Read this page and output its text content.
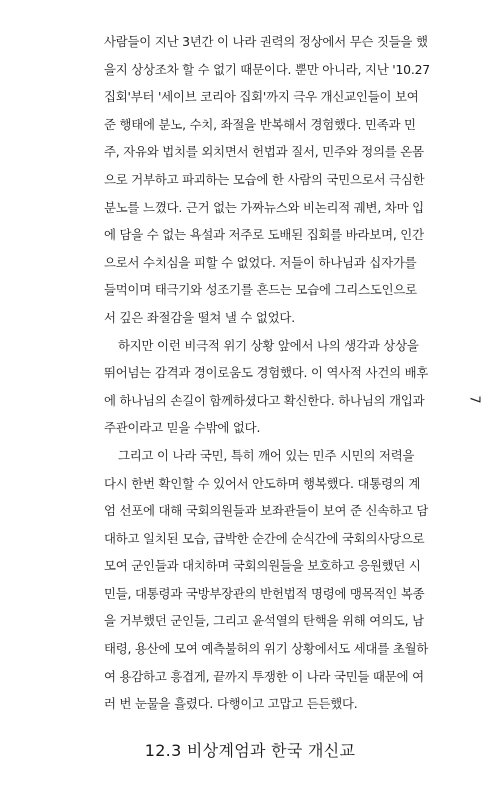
사람들이 지난 3년간 이 나라 권력의 정상에서 무슨 짓들을 했
을지 상상조차 할 수 없기 때문이다. 뿐만 아니라, 지난 '10.27
집회'부터 '세이브 코리아 집회'까지 극우 개신교인들이 보여
준 행태에 분노, 수치, 좌절을 반복해서 경험했다. 민족과 민
주, 자유와 법치를 외치면서 헌법과 질서, 민주와 정의를 온몸
으로 거부하고 파괴하는 모습에 한 사람의 국민으로서 극심한
분노를 느꼈다. 근거 없는 가짜뉴스와 비논리적 궤변, 차마 입
에 담을 수 없는 욕설과 저주로 도배된 집회를 바라보며, 인간
으로서 수치심을 피할 수 없었다. 저들이 하나님과 십자가를
들먹이며 태극기와 성조기를 흔드는 모습에 그리스도인으로
서 깊은 좌절감을 떨쳐 낼 수 없었다.
하지만 이런 비극적 위기 상황 앞에서 나의 생각과 상상을
뛰어넘는 감격과 경이로움도 경험했다. 이 역사적 사건의 배후
에 하나님의 손길이 함께하셨다고 확신한다. 하나님의 개입과
주관이라고 믿을 수밖에 없다.
그리고 이 나라 국민, 특히 깨어 있는 민주 시민의 저력을
다시 한번 확인할 수 있어서 안도하며 행복했다. 대통령의 계
엄 선포에 대해 국회의원들과 보좌관들이 보여 준 신속하고 담
대하고 일치된 모습, 급박한 순간에 순식간에 국회의사당으로
모여 군인들과 대치하며 국회의원들을 보호하고 응원했던 시
민들, 대통령과 국방부장관의 반헌법적 명령에 맹목적인 복종
을 거부했던 군인들, 그리고 윤석열의 탄핵을 위해 여의도, 남
태령, 용산에 모여 예측불허의 위기 상황에서도 세대를 초월하
여 용감하고 흥겹게, 끝까지 투쟁한 이 나라 국민들 때문에 여
러 번 눈물을 흘렸다. 다행이고 고맙고 든든했다.
7
12.3 비상계엄과 한국 개신교
